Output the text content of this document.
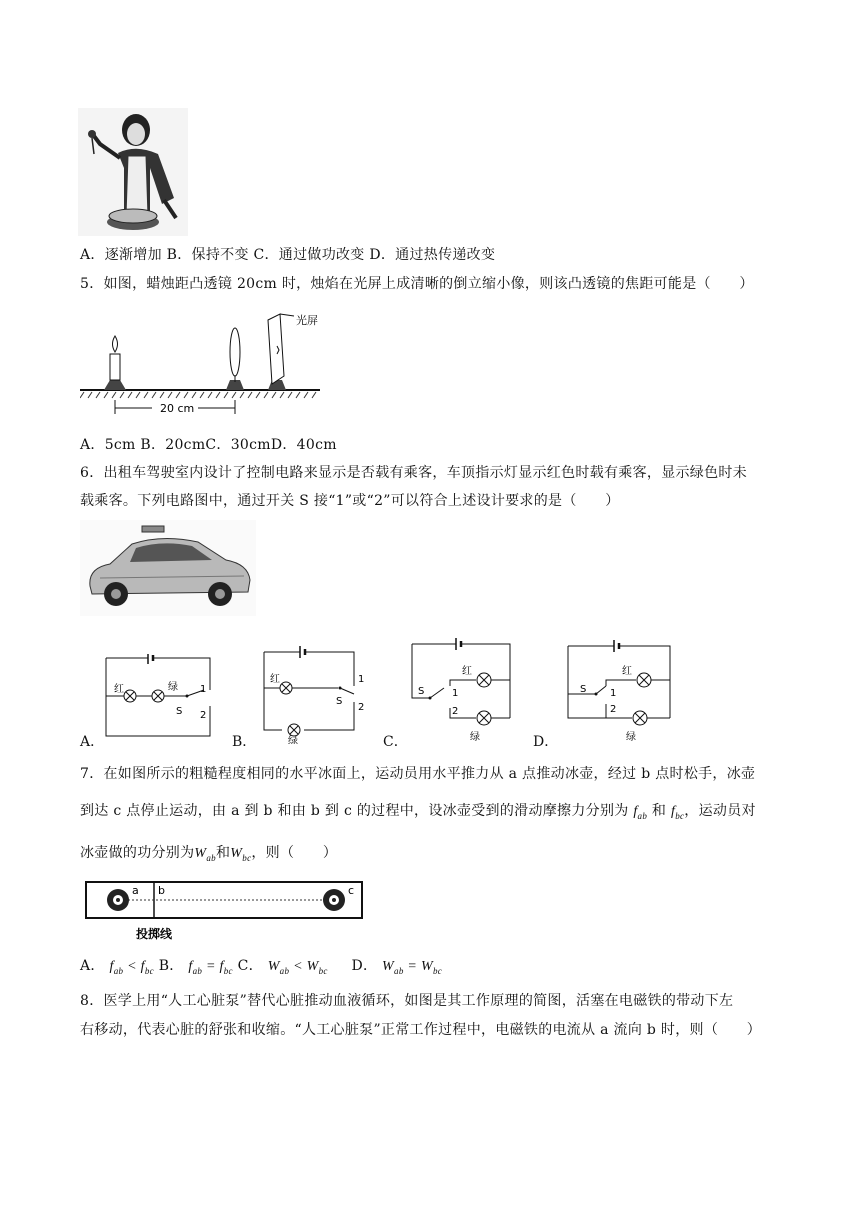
A．逐渐增加 B．保持不变 C．通过做功改变 D．通过热传递改变
5．如图，蜡烛距凸透镜 20cm 时，烛焰在光屏上成清晰的倒立缩小像，则该凸透镜的焦距可能是（　　）
光屏
20 cm
A．5cm B．20cmC．30cmD．40cm
6．出租车驾驶室内设计了控制电路来显示是否载有乘客，车顶指示灯显示红色时载有乘客，显示绿色时未
载乘客。下列电路图中，通过开关 S 接“1”或“2”可以符合上述设计要求的是（　　）
A．
红	绿
S
1
2
B．
红
绿
S
1
2
C．
红
绿
S	1
2
D．
红
绿
S 1
2
7．在如图所示的粗糙程度相同的水平冰面上，运动员用水平推力从 a 点推动冰壶，经过 b 点时松手，冰壶
到达 c 点停止运动，由 a 到 b 和由 b 到 c 的过程中，设冰壶受到的滑动摩擦力分别为 $f_{ab}$ 和 $f_{bc}$，运动员对
冰壶做的功分别为$W_{ab}$和$W_{bc}$，则（　　）
a b	c
投掷线
A． $f_{ab} < f_{bc}$ B． $f_{ab} = f_{bc}$ C． $W_{ab} < W_{bc}$ D． $W_{ab} = W_{bc}$
8．医学上用“人工心脏泵”替代心脏推动血液循环，如图是其工作原理的简图，活塞在电磁铁的带动下左
右移动，代表心脏的舒张和收缩。“人工心脏泵”正常工作过程中，电磁铁的电流从 a 流向 b 时，则（　　）
